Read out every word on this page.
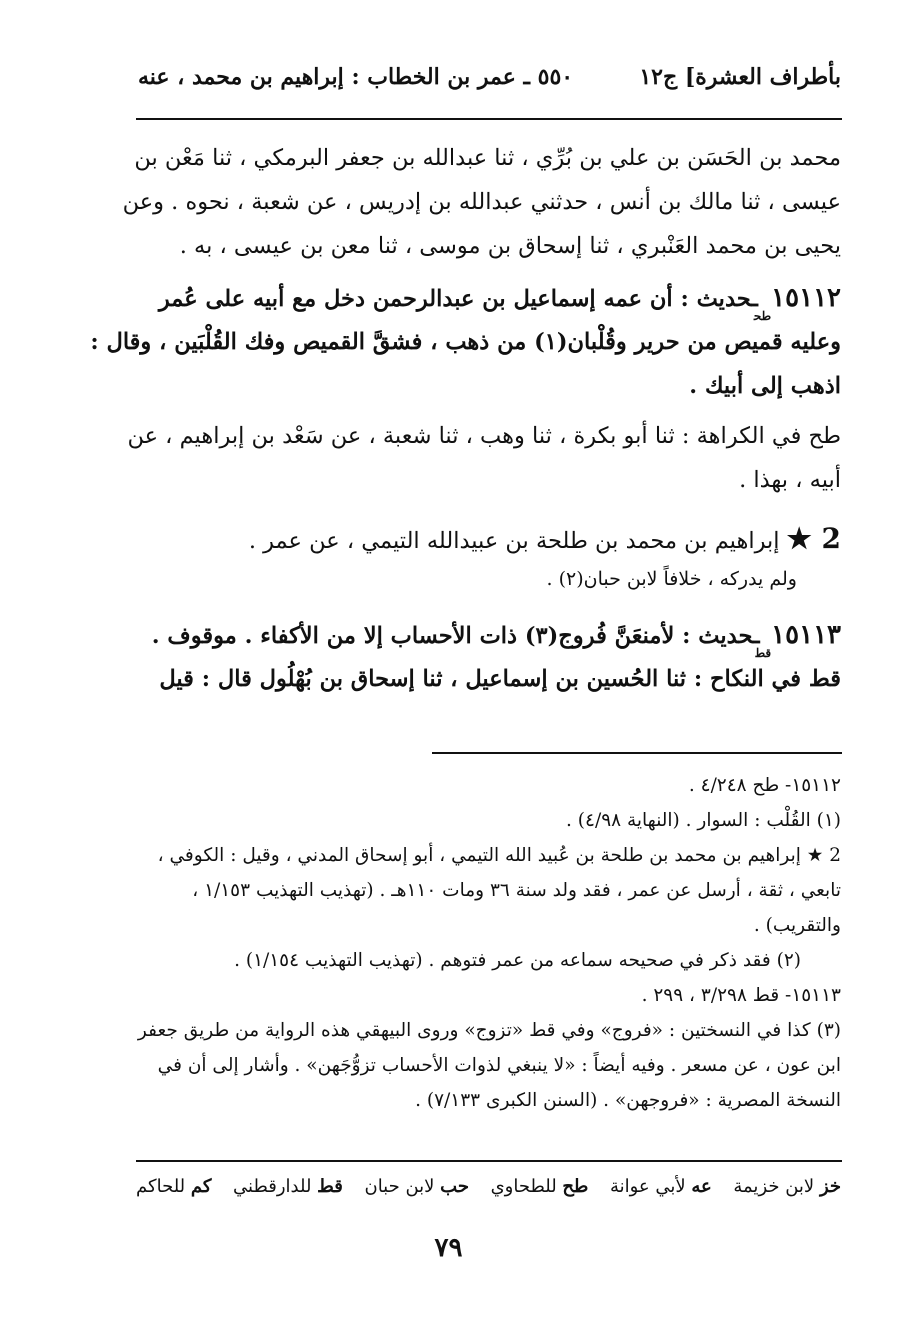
بأطراف العشرة] ج١٢
٥٥٠ ـ عمر بن الخطاب : إبراهيم بن محمد ، عنه
محمد بن الحَسَن بن علي بن بُرِّي ، ثنا عبدالله بن جعفر البرمكي ، ثنا مَعْن بن
عيسى ، ثنا مالك بن أنس ، حدثني عبدالله بن إدريس ، عن شعبة ، نحوه . وعن
يحيى بن محمد العَنْبري ، ثنا إسحاق بن موسى ، ثنا معن بن عيسى ، به .
$١٥١١٢_{طح}ـحديث$ : أن عمه إسماعيل بن عبدالرحمن دخل مع أبيه على عُمر
وعليه قميص من حرير وقُلْبان(١) من ذهب ، فشقَّ القميص وفك القُلْبَين ، وقال :
اذهب إلى أبيك .
طح في الكراهة : ثنا أبو بكرة ، ثنا وهب ، ثنا شعبة ، عن سَعْد بن إبراهيم ، عن
أبيه ، بهذا .
2 ★ إبراهيم بن محمد بن طلحة بن عبيدالله التيمي ، عن عمر .
ولم يدركه ، خلافاً لابن حبان(٢) .
$١٥١١٣_{قط}ـحديث$ : لأمنعَنَّ فُروج(٣) ذات الأحساب إلا من الأكفاء . موقوف .
قط في النكاح : ثنا الحُسين بن إسماعيل ، ثنا إسحاق بن بُهْلُول قال : قيل
١٥١١٢- طح ٤/٢٤٨ .
(١) القُلْب : السوار . (النهاية ٤/٩٨) .
2 ★ إبراهيم بن محمد بن طلحة بن عُبيد الله التيمي ، أبو إسحاق المدني ، وقيل : الكوفي ،
تابعي ، ثقة ، أرسل عن عمر ، فقد ولد سنة ٣٦ ومات ١١٠هـ . (تهذيب التهذيب ١/١٥٣ ،
والتقريب) .
(٢) فقد ذكر في صحيحه سماعه من عمر فتوهم . (تهذيب التهذيب ١/١٥٤) .
١٥١١٣- قط ٣/٢٩٨ ، ٢٩٩ .
(٣) كذا في النسختين : «فروج» وفي قط «تزوج» وروى البيهقي هذه الرواية من طريق جعفر
ابن عون ، عن مسعر . وفيه أيضاً : «لا ينبغي لذوات الأحساب تزوُّجَهن» . وأشار إلى أن في
النسخة المصرية : «فروجهن» . (السنن الكبرى ٧/١٣٣) .
خز لابن خزيمة
عه لأبي عوانة
طح للطحاوي
حب لابن حبان
قط للدارقطني
كم للحاكم
٧٩
